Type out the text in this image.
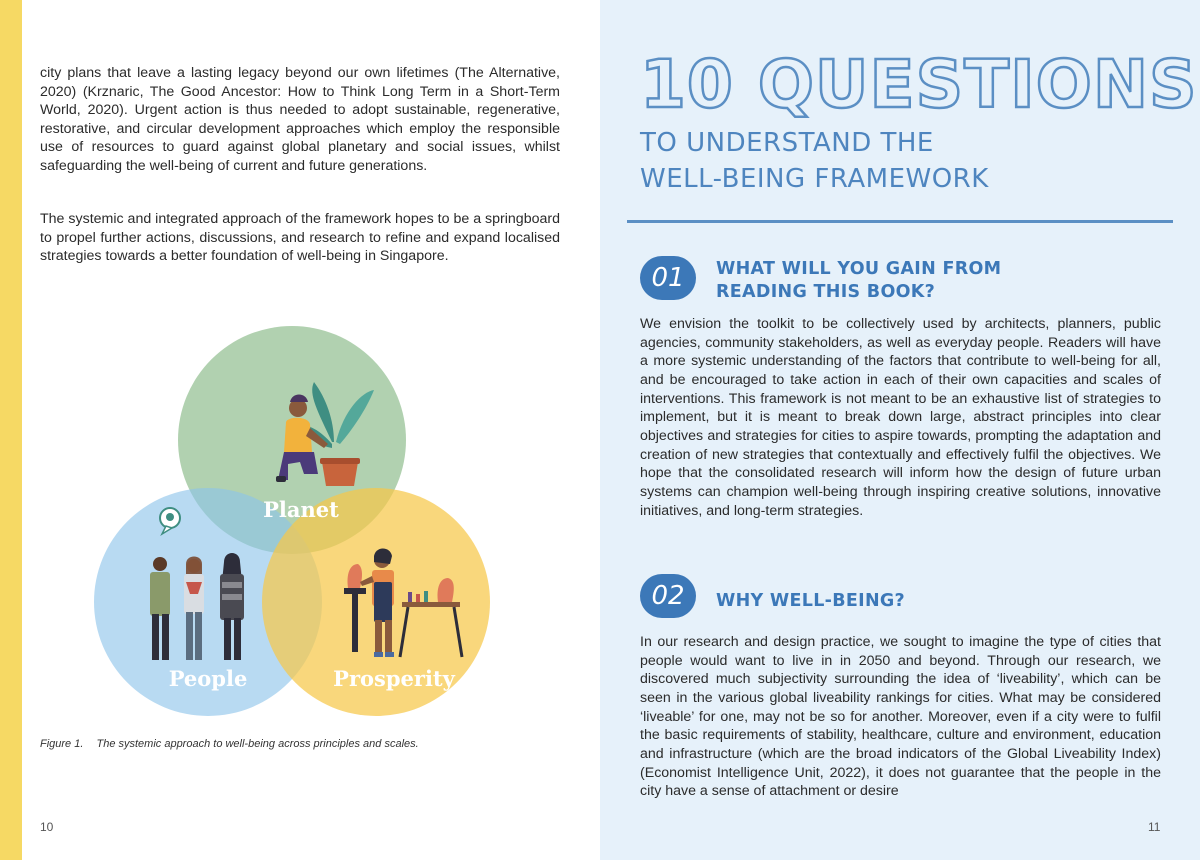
city plans that leave a lasting legacy beyond our own lifetimes (The Alternative, 2020) (Krznaric, The Good Ancestor: How to Think Long Term in a Short-Term World, 2020). Urgent action is thus needed to adopt sustainable, regenerative, restorative, and circular development approaches which employ the responsible use of resources to guard against global planetary and social issues, whilst safeguarding the well-being of current and future generations.

The systemic and integrated approach of the framework hopes to be a springboard to propel further actions, discussions, and research to refine and expand localised strategies towards a better foundation of well-being in Singapore.

Planet
People	Prosperity
Figure 1. The systemic approach to well-being across principles and scales.
10
10 QUESTIONS
TO UNDERSTAND THE
WELL-BEING FRAMEWORK
01	WHAT WILL YOU GAIN FROM
READING THIS BOOK?

We envision the toolkit to be collectively used by architects, planners, public agencies, community stakeholders, as well as everyday people. Readers will have a more systemic understanding of the factors that contribute to well-being for all, and be encouraged to take action in each of their own capacities and scales of interventions. This framework is not meant to be an exhaustive list of strategies to implement, but it is meant to break down large, abstract principles into clear objectives and strategies for cities to aspire towards, prompting the adaptation and creation of new strategies that contextually and effectively fulfil the objectives. We hope that the consolidated research will inform how the design of future urban systems can champion well-being through inspiring creative solutions, innovative initiatives, and long-term strategies.

02	WHY WELL-BEING?

In our research and design practice, we sought to imagine the type of cities that people would want to live in in 2050 and beyond. Through our research, we discovered much subjectivity surrounding the idea of ‘liveability’, which can be seen in the various global liveability rankings for cities. What may be considered ‘liveable’ for one, may not be so for another. Moreover, even if a city were to fulfil the basic requirements of stability, healthcare, culture and environment, education and infrastructure (which are the broad indicators of the Global Liveability Index) (Economist Intelligence Unit, 2022), it does not guarantee that the people in the city have a sense of attachment or desire

11
